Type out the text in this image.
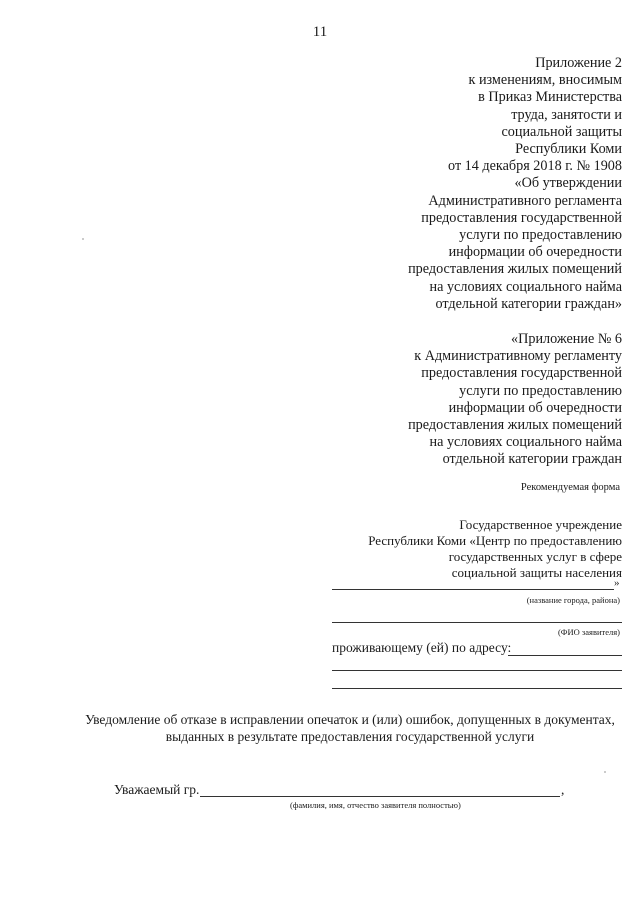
11
Приложение 2
к изменениям, вносимым
в Приказ Министерства
труда, занятости и
социальной защиты
Республики Коми
от 14 декабря 2018 г. № 1908
«Об утверждении
Административного регламента
предоставления государственной
услуги по предоставлению
информации об очередности
предоставления жилых помещений
на условиях социального найма
отдельной категории граждан»
«Приложение № 6
к Административному регламенту
предоставления государственной
услуги по предоставлению
информации об очередности
предоставления жилых помещений
на условиях социального найма
отдельной категории граждан
Рекомендуемая форма
Государственное учреждение
Республики Коми «Центр по предоставлению
государственных услуг в сфере
социальной защиты населения
»
(название города, района)
(ФИО заявителя)
проживающему (ей) по адресу:
Уведомление об отказе в исправлении опечаток и (или) ошибок, допущенных в документах,
выданных в результате предоставления государственной услуги
Уважаемый гр.	,
(фамилия, имя, отчество заявителя полностью)
